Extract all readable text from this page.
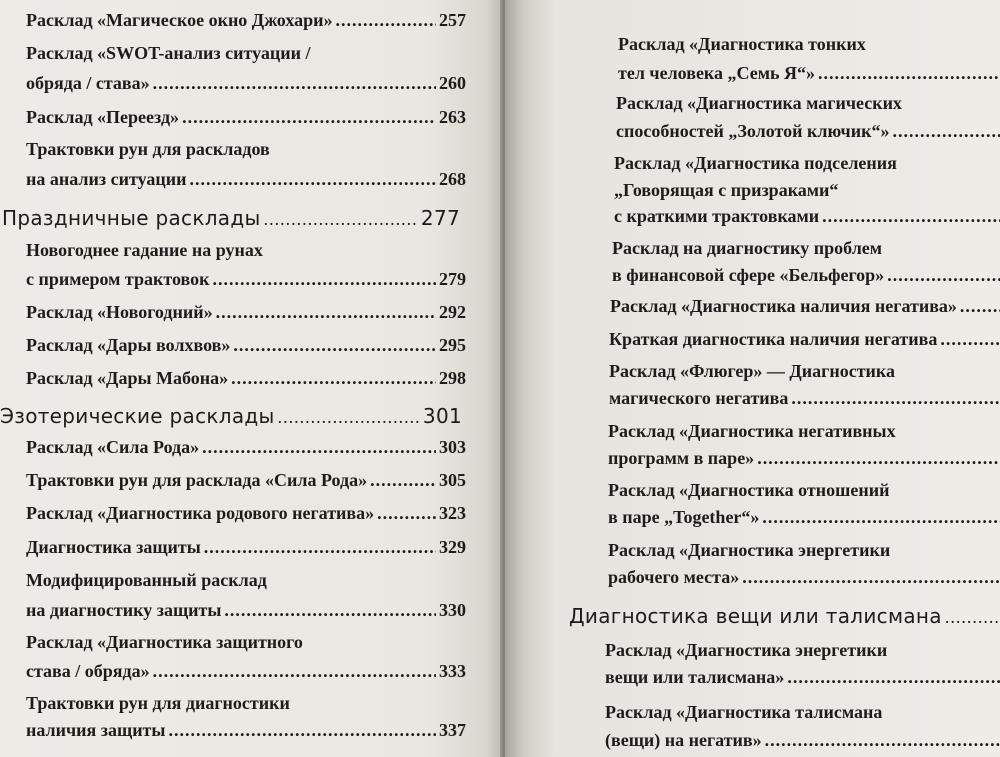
Расклад «Магическое окно Джохари» .....	257
Расклад «SWOT-анализ ситуации /
обряда / става» .....	260
Расклад «Переезд» .....	263
Трактовки рун для раскладов
на анализ ситуации .....	268
Праздничные расклады .....	277
Новогоднее гадание на рунах
с примером трактовок .....	279
Расклад «Новогодний» .....	292
Расклад «Дары волхвов» .....	295
Расклад «Дары Мабона» .....	298
Эзотерические расклады .....	301
Расклад «Сила Рода» .....	303
Трактовки рун для расклада «Сила Рода» .....	305
Расклад «Диагностика родового негатива» .....	323
Диагностика защиты .....	329
Модифицированный расклад
на диагностику защиты .....	330
Расклад «Диагностика защитного
става / обряда» .....	333
Трактовки рун для диагностики
наличия защиты .....	337
Расклад «Диагностика тонких
тел человека „Семь Я“»
.....
Расклад «Диагностика магических
способностей „Золотой ключик“»
.....
Расклад «Диагностика подселения
„Говорящая с призраками“
с краткими трактовками
.....
Расклад на диагностику проблем
в финансовой сфере «Бельфегор»
.....
Расклад «Диагностика наличия негатива»
.....
Краткая диагностика наличия негатива
.....
Расклад «Флюгер» — Диагностика
магического негатива
.....
Расклад «Диагностика негативных
программ в паре»
.....
Расклад «Диагностика отношений
в паре „Together“»
.....
Расклад «Диагностика энергетики
рабочего места»
.....
Диагностика вещи или талисмана
.....
Расклад «Диагностика энергетики
вещи или талисмана»
.....
Расклад «Диагностика талисмана
(вещи) на негатив»
.....
